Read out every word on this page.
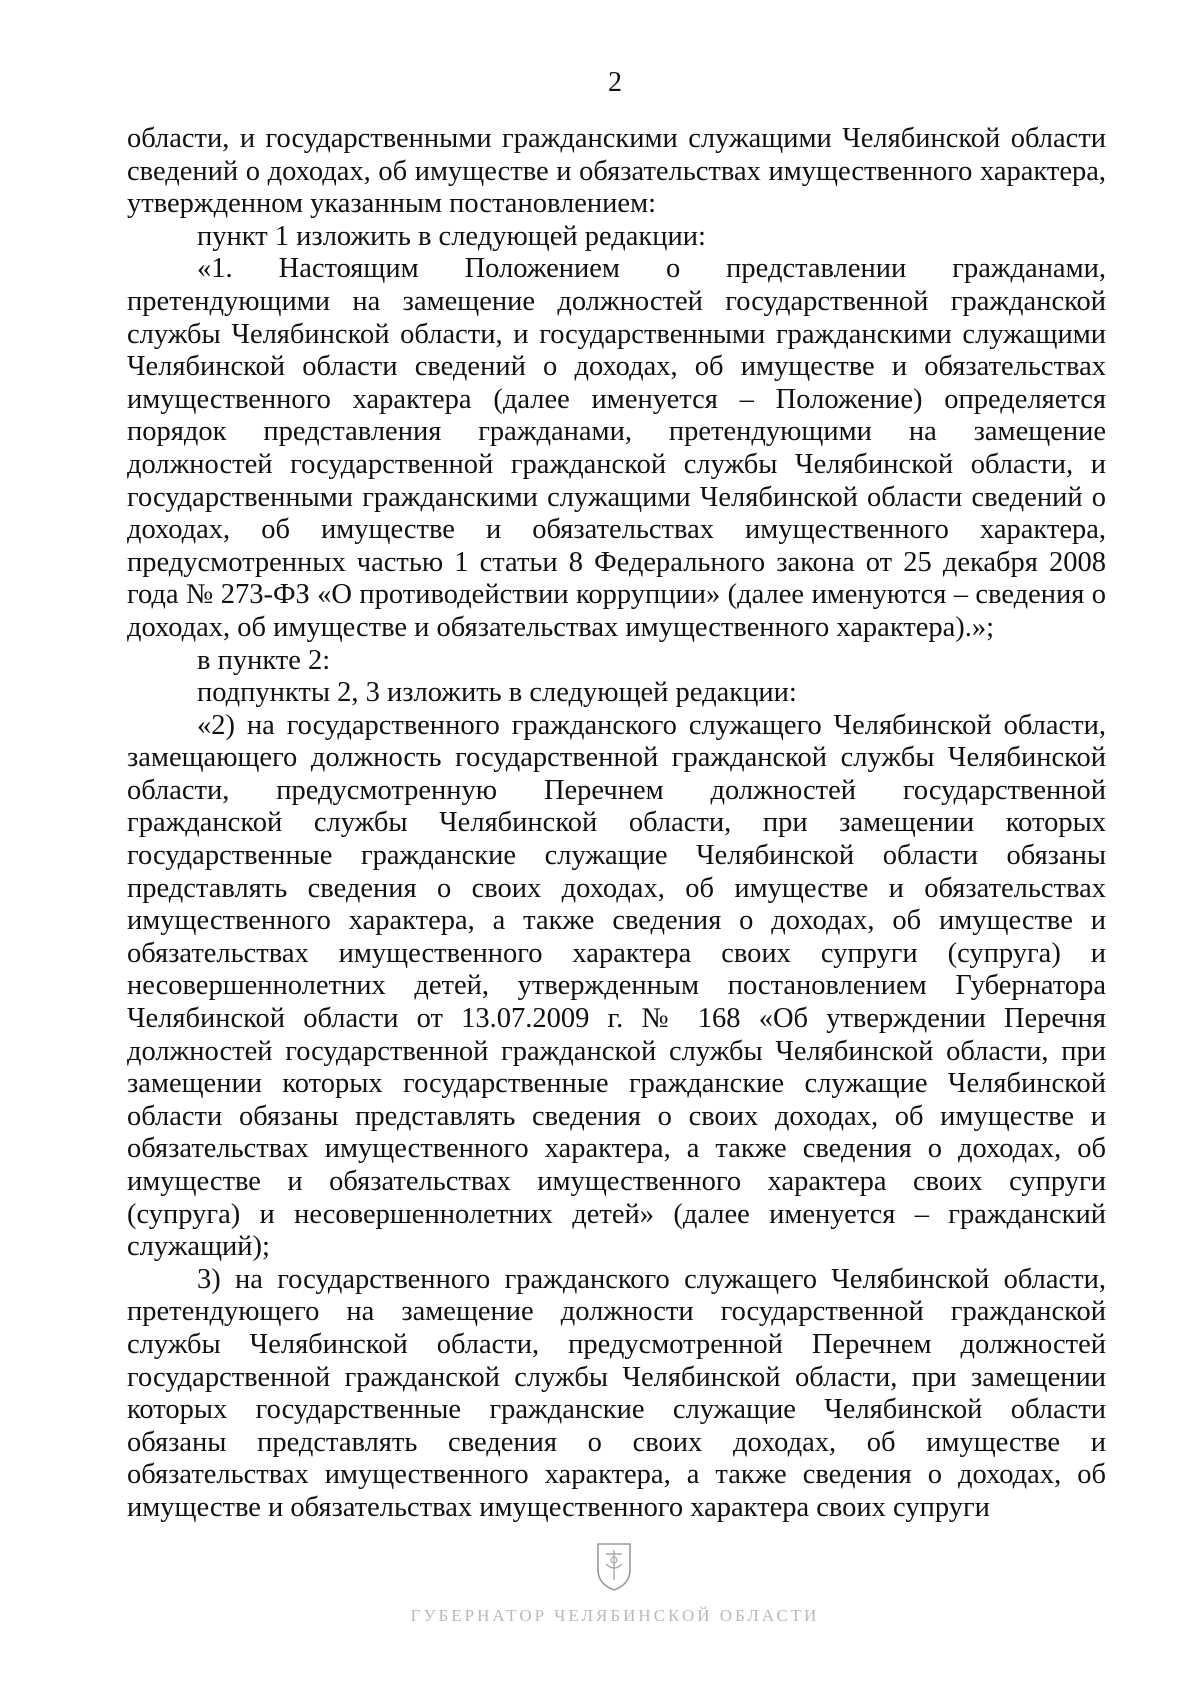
2

области, и государственными гражданскими служащими Челябинской области сведений о доходах, об имуществе и обязательствах имущественного характера, утвержденном указанным постановлением:

пункт 1 изложить в следующей редакции:

«1. Настоящим Положением о представлении гражданами, претендующими на замещение должностей государственной гражданской службы Челябинской области, и государственными гражданскими служащими Челябинской области сведений о доходах, об имуществе и обязательствах имущественного характера (далее именуется – Положение) определяется порядок представления гражданами, претендующими на замещение должностей государственной гражданской службы Челябинской области, и государственными гражданскими служащими Челябинской области сведений о доходах, об имуществе и обязательствах имущественного характера, предусмотренных частью 1 статьи 8 Федерального закона от 25 декабря 2008 года № 273-ФЗ «О противодействии коррупции» (далее именуются – сведения о доходах, об имуществе и обязательствах имущественного характера).»;

в пункте 2:

подпункты 2, 3 изложить в следующей редакции:

«2) на государственного гражданского служащего Челябинской области, замещающего должность государственной гражданской службы Челябинской области, предусмотренную Перечнем должностей государственной гражданской службы Челябинской области, при замещении которых государственные гражданские служащие Челябинской области обязаны представлять сведения о своих доходах, об имуществе и обязательствах имущественного характера, а также сведения о доходах, об имуществе и обязательствах имущественного характера своих супруги (супруга) и несовершеннолетних детей, утвержденным постановлением Губернатора Челябинской области от 13.07.2009 г. № 168 «Об утверждении Перечня должностей государственной гражданской службы Челябинской области, при замещении которых государственные гражданские служащие Челябинской области обязаны представлять сведения о своих доходах, об имуществе и обязательствах имущественного характера, а также сведения о доходах, об имуществе и обязательствах имущественного характера своих супруги (супруга) и несовершеннолетних детей» (далее именуется – гражданский служащий);

3) на государственного гражданского служащего Челябинской области, претендующего на замещение должности государственной гражданской службы Челябинской области, предусмотренной Перечнем должностей государственной гражданской службы Челябинской области, при замещении которых государственные гражданские служащие Челябинской области обязаны представлять сведения о своих доходах, об имуществе и обязательствах имущественного характера, а также сведения о доходах, об имуществе и обязательствах имущественного характера своих супруги

ГУБЕРНАТОР ЧЕЛЯБИНСКОЙ ОБЛАСТИ
